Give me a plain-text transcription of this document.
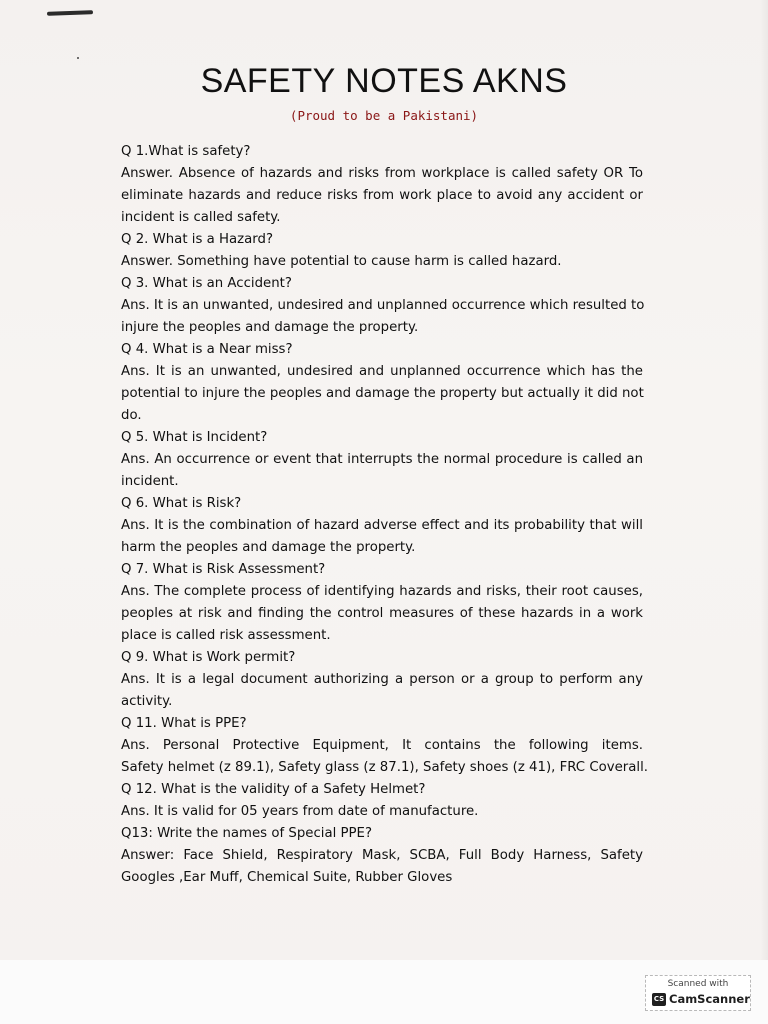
SAFETY NOTES AKNS

(Proud to be a Pakistani)

Q 1.What is safety?

Answer. Absence of hazards and risks from workplace is called safety OR To

eliminate hazards and reduce risks from work place to avoid any accident or

incident is called safety.

Q 2. What is a Hazard?

Answer. Something have potential to cause harm is called hazard.

Q 3. What is an Accident?

Ans. It is an unwanted, undesired and unplanned occurrence which resulted to

injure the peoples and damage the property.

Q 4. What is a Near miss?

Ans. It is an unwanted, undesired and unplanned occurrence which has the

potential to injure the peoples and damage the property but actually it did not

do.

Q 5. What is Incident?

Ans. An occurrence or event that interrupts the normal procedure is called an

incident.

Q 6. What is Risk?

Ans. It is the combination of hazard adverse effect and its probability that will

harm the peoples and damage the property.

Q 7. What is Risk Assessment?

Ans. The complete process of identifying hazards and risks, their root causes,

peoples at risk and finding the control measures of these hazards in a work

place is called risk assessment.

Q 9. What is Work permit?

Ans. It is a legal document authorizing a person or a group to perform any

activity.

Q 11. What is PPE?

Ans. Personal Protective Equipment, It contains the following items.

Safety helmet (z 89.1), Safety glass (z 87.1), Safety shoes (z 41), FRC Coverall.

Q 12. What is the validity of a Safety Helmet?

Ans. It is valid for 05 years from date of manufacture.

Q13: Write the names of Special PPE?

Answer: Face Shield, Respiratory Mask, SCBA, Full Body Harness, Safety

Googles ,Ear Muff, Chemical Suite, Rubber Gloves

Scanned with
CS CamScanner
